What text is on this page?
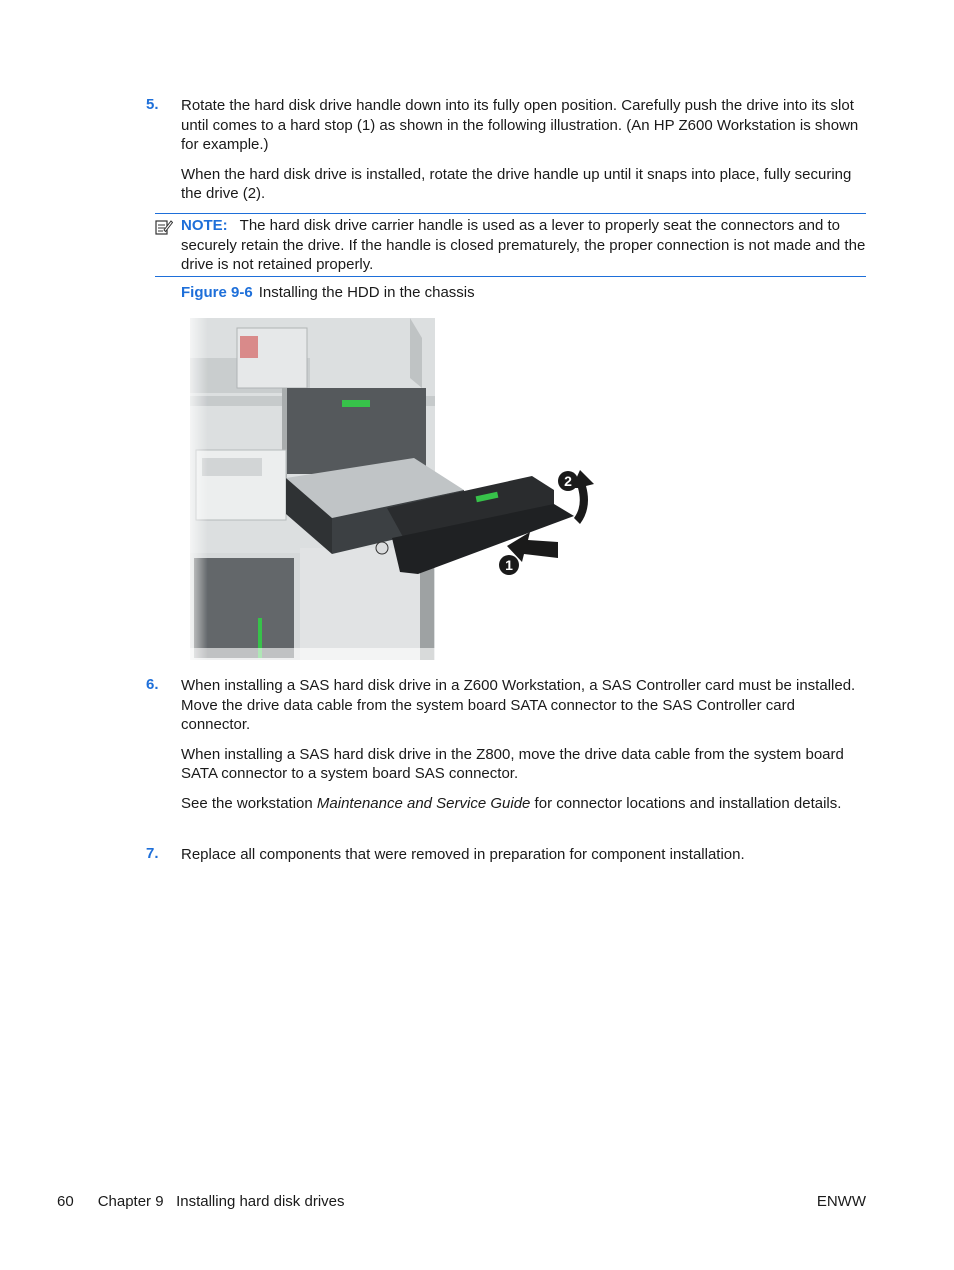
5. Rotate the hard disk drive handle down into its fully open position. Carefully push the drive into its slot until comes to a hard stop (1) as shown in the following illustration. (An HP Z600 Workstation is shown for example.)

When the hard disk drive is installed, rotate the drive handle up until it snaps into place, fully securing the drive (2).

NOTE: The hard disk drive carrier handle is used as a lever to properly seat the connectors and to securely retain the drive. If the handle is closed prematurely, the proper connection is not made and the drive is not retained properly.
Figure 9-6 Installing the HDD in the chassis
6. When installing a SAS hard disk drive in a Z600 Workstation, a SAS Controller card must be installed. Move the drive data cable from the system board SATA connector to the SAS Controller card connector.

When installing a SAS hard disk drive in the Z800, move the drive data cable from the system board SATA connector to a system board SAS connector.

See the workstation Maintenance and Service Guide for connector locations and installation details.

7. Replace all components that were removed in preparation for component installation.

60 Chapter 9 Installing hard disk drives	ENWW
